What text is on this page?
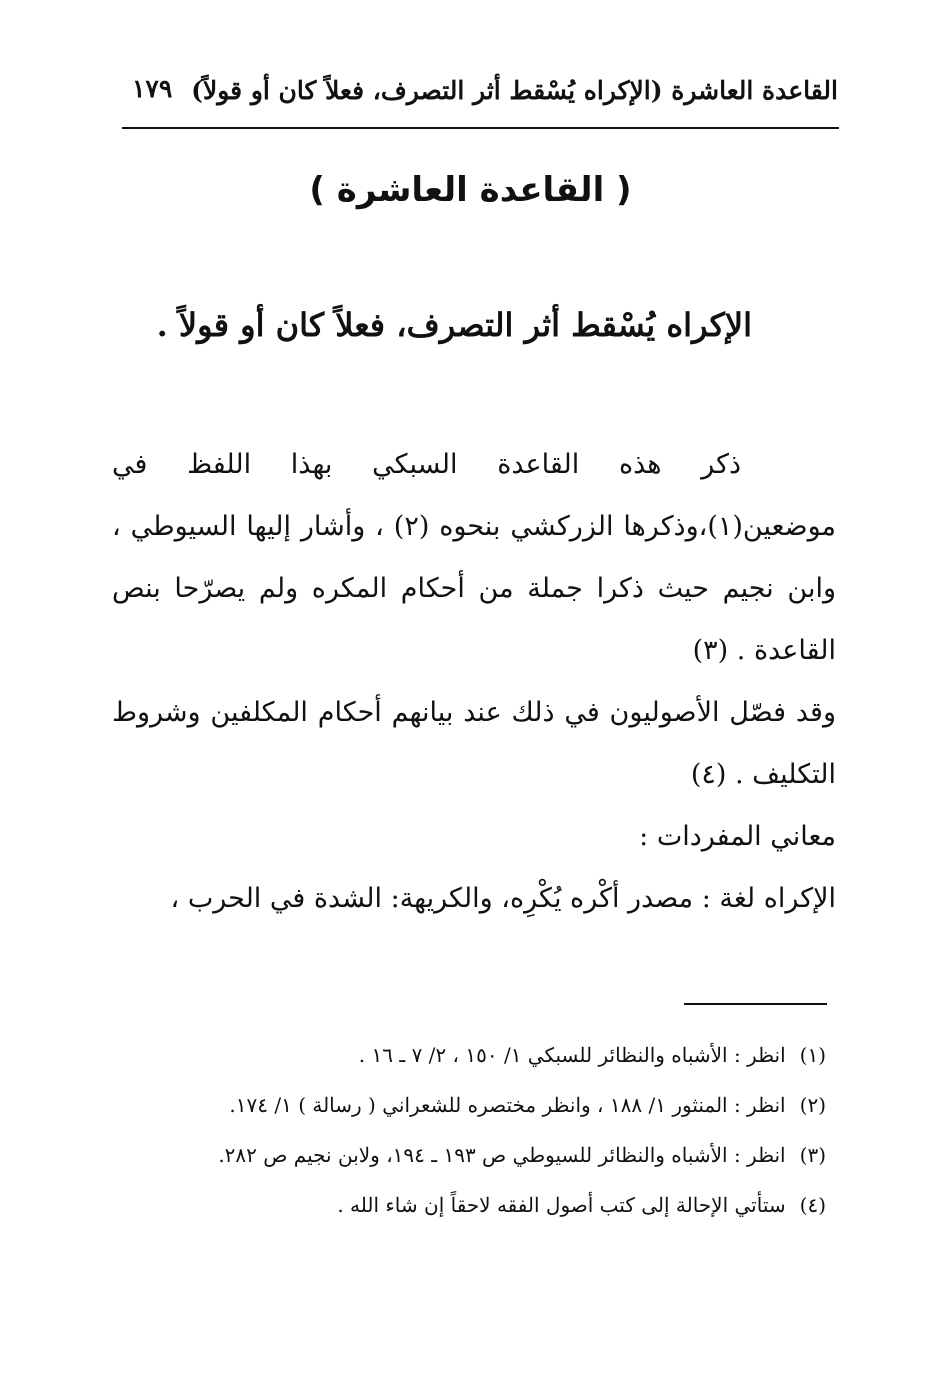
القاعدة العاشرة (الإكراه يُسْقط أثر التصرف، فعلاً كان أو قولاً)
١٧٩
( القاعدة العاشرة )
الإكراه يُسْقط أثر التصرف، فعلاً كان أو قولاً .

ذكر هذه القاعدة السبكي بهذا اللفظ في موضعين(١)،وذكرها الزركشي بنحوه (٢) ، وأشار إليها السيوطي ، وابن نجيم حيث ذكرا جملة من أحكام المكره ولم يصرّحا بنص القاعدة . (٣)

وقد فصّل الأصوليون في ذلك عند بيانهم أحكام المكلفين وشروط التكليف . (٤)

معاني المفردات :

الإكراه لغة : مصدر أكْره يُكْرِه، والكريهة: الشدة في الحرب ،

(١)انظر : الأشباه والنظائر للسبكي ١/ ١٥٠ ، ٢/ ٧ ـ ١٦ .
(٢)انظر : المنثور ١/ ١٨٨ ، وانظر مختصره للشعراني ( رسالة ) ١/ ١٧٤.
(٣)انظر : الأشباه والنظائر للسيوطي ص ١٩٣ ـ ١٩٤، ولابن نجيم ص ٢٨٢.
(٤)ستأتي الإحالة إلى كتب أصول الفقه لاحقاً إن شاء الله .
